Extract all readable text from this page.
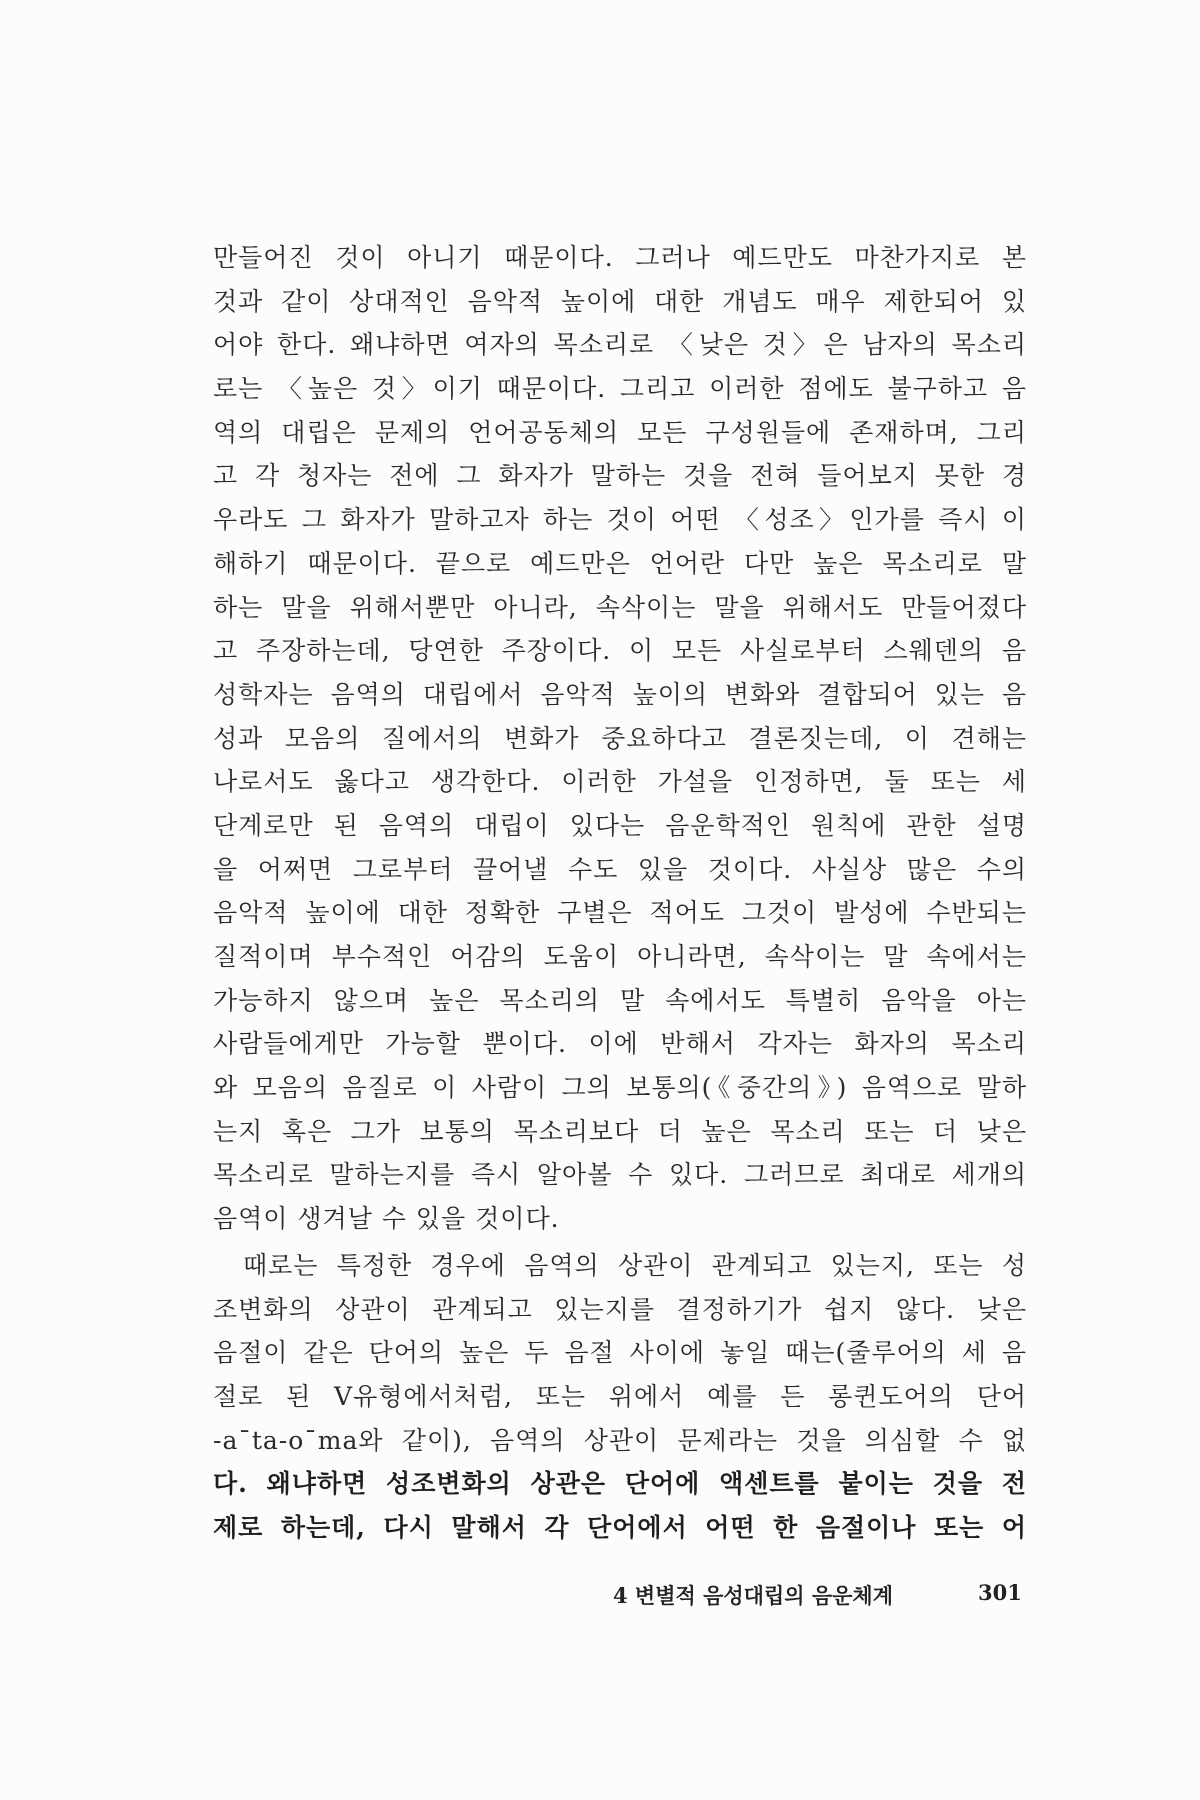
만들어진 것이 아니기 때문이다. 그러나 예드만도 마찬가지로 본
것과 같이 상대적인 음악적 높이에 대한 개념도 매우 제한되어 있
어야 한다. 왜냐하면 여자의 목소리로 〈낮은 것〉은 남자의 목소리
로는 〈높은 것〉이기 때문이다. 그리고 이러한 점에도 불구하고 음
역의 대립은 문제의 언어공동체의 모든 구성원들에 존재하며, 그리
고 각 청자는 전에 그 화자가 말하는 것을 전혀 들어보지 못한 경
우라도 그 화자가 말하고자 하는 것이 어떤 〈성조〉인가를 즉시 이
해하기 때문이다. 끝으로 예드만은 언어란 다만 높은 목소리로 말
하는 말을 위해서뿐만 아니라, 속삭이는 말을 위해서도 만들어졌다
고 주장하는데, 당연한 주장이다. 이 모든 사실로부터 스웨덴의 음
성학자는 음역의 대립에서 음악적 높이의 변화와 결합되어 있는 음
성과 모음의 질에서의 변화가 중요하다고 결론짓는데, 이 견해는
나로서도 옳다고 생각한다. 이러한 가설을 인정하면, 둘 또는 세
단계로만 된 음역의 대립이 있다는 음운학적인 원칙에 관한 설명
을 어쩌면 그로부터 끌어낼 수도 있을 것이다. 사실상 많은 수의
음악적 높이에 대한 정확한 구별은 적어도 그것이 발성에 수반되는
질적이며 부수적인 어감의 도움이 아니라면, 속삭이는 말 속에서는
가능하지 않으며 높은 목소리의 말 속에서도 특별히 음악을 아는
사람들에게만 가능할 뿐이다. 이에 반해서 각자는 화자의 목소리
와 모음의 음질로 이 사람이 그의 보통의(《중간의》) 음역으로 말하
는지 혹은 그가 보통의 목소리보다 더 높은 목소리 또는 더 낮은
목소리로 말하는지를 즉시 알아볼 수 있다. 그러므로 최대로 세개의
음역이 생겨날 수 있을 것이다.
때로는 특정한 경우에 음역의 상관이 관계되고 있는지, 또는 성
조변화의 상관이 관계되고 있는지를 결정하기가 쉽지 않다. 낮은
음절이 같은 단어의 높은 두 음절 사이에 놓일 때는(줄루어의 세 음
절로 된 V유형에서처럼, 또는 위에서 예를 든 롱퀸도어의 단어
-a¯ta-o¯ma와 같이), 음역의 상관이 문제라는 것을 의심할 수 없
다. 왜냐하면 성조변화의 상관은 단어에 액센트를 붙이는 것을 전
제로 하는데, 다시 말해서 각 단어에서 어떤 한 음절이나 또는 어
4 변별적 음성대립의 음운체계	301
